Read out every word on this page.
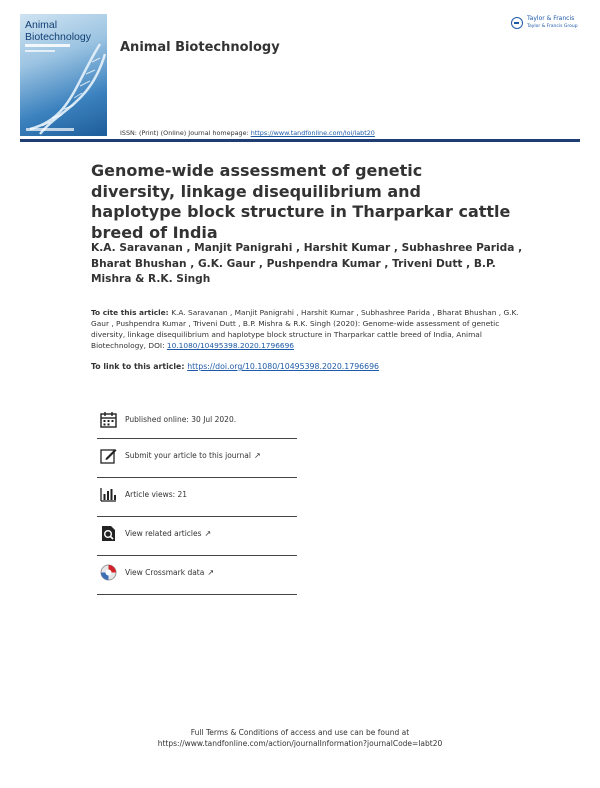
Animal Biotechnology
Animal Biotechnology
ISSN: (Print) (Online) Journal homepage: https://www.tandfonline.com/loi/labt20
Taylor & Francis
Taylor & Francis Group
Genome-wide assessment of genetic diversity, linkage disequilibrium and haplotype block structure in Tharparkar cattle breed of India
K.A. Saravanan , Manjit Panigrahi , Harshit Kumar , Subhashree Parida , Bharat Bhushan , G.K. Gaur , Pushpendra Kumar , Triveni Dutt , B.P. Mishra & R.K. Singh
To cite this article: K.A. Saravanan , Manjit Panigrahi , Harshit Kumar , Subhashree Parida , Bharat Bhushan , G.K. Gaur , Pushpendra Kumar , Triveni Dutt , B.P. Mishra & R.K. Singh (2020): Genome-wide assessment of genetic diversity, linkage disequilibrium and haplotype block structure in Tharparkar cattle breed of India, Animal Biotechnology, DOI: 10.1080/10495398.2020.1796696
To link to this article: https://doi.org/10.1080/10495398.2020.1796696
Published online: 30 Jul 2020.
Submit your article to this journal ↗
Article views: 21
View related articles ↗
View Crossmark data ↗
Full Terms & Conditions of access and use can be found at
https://www.tandfonline.com/action/journalInformation?journalCode=labt20
